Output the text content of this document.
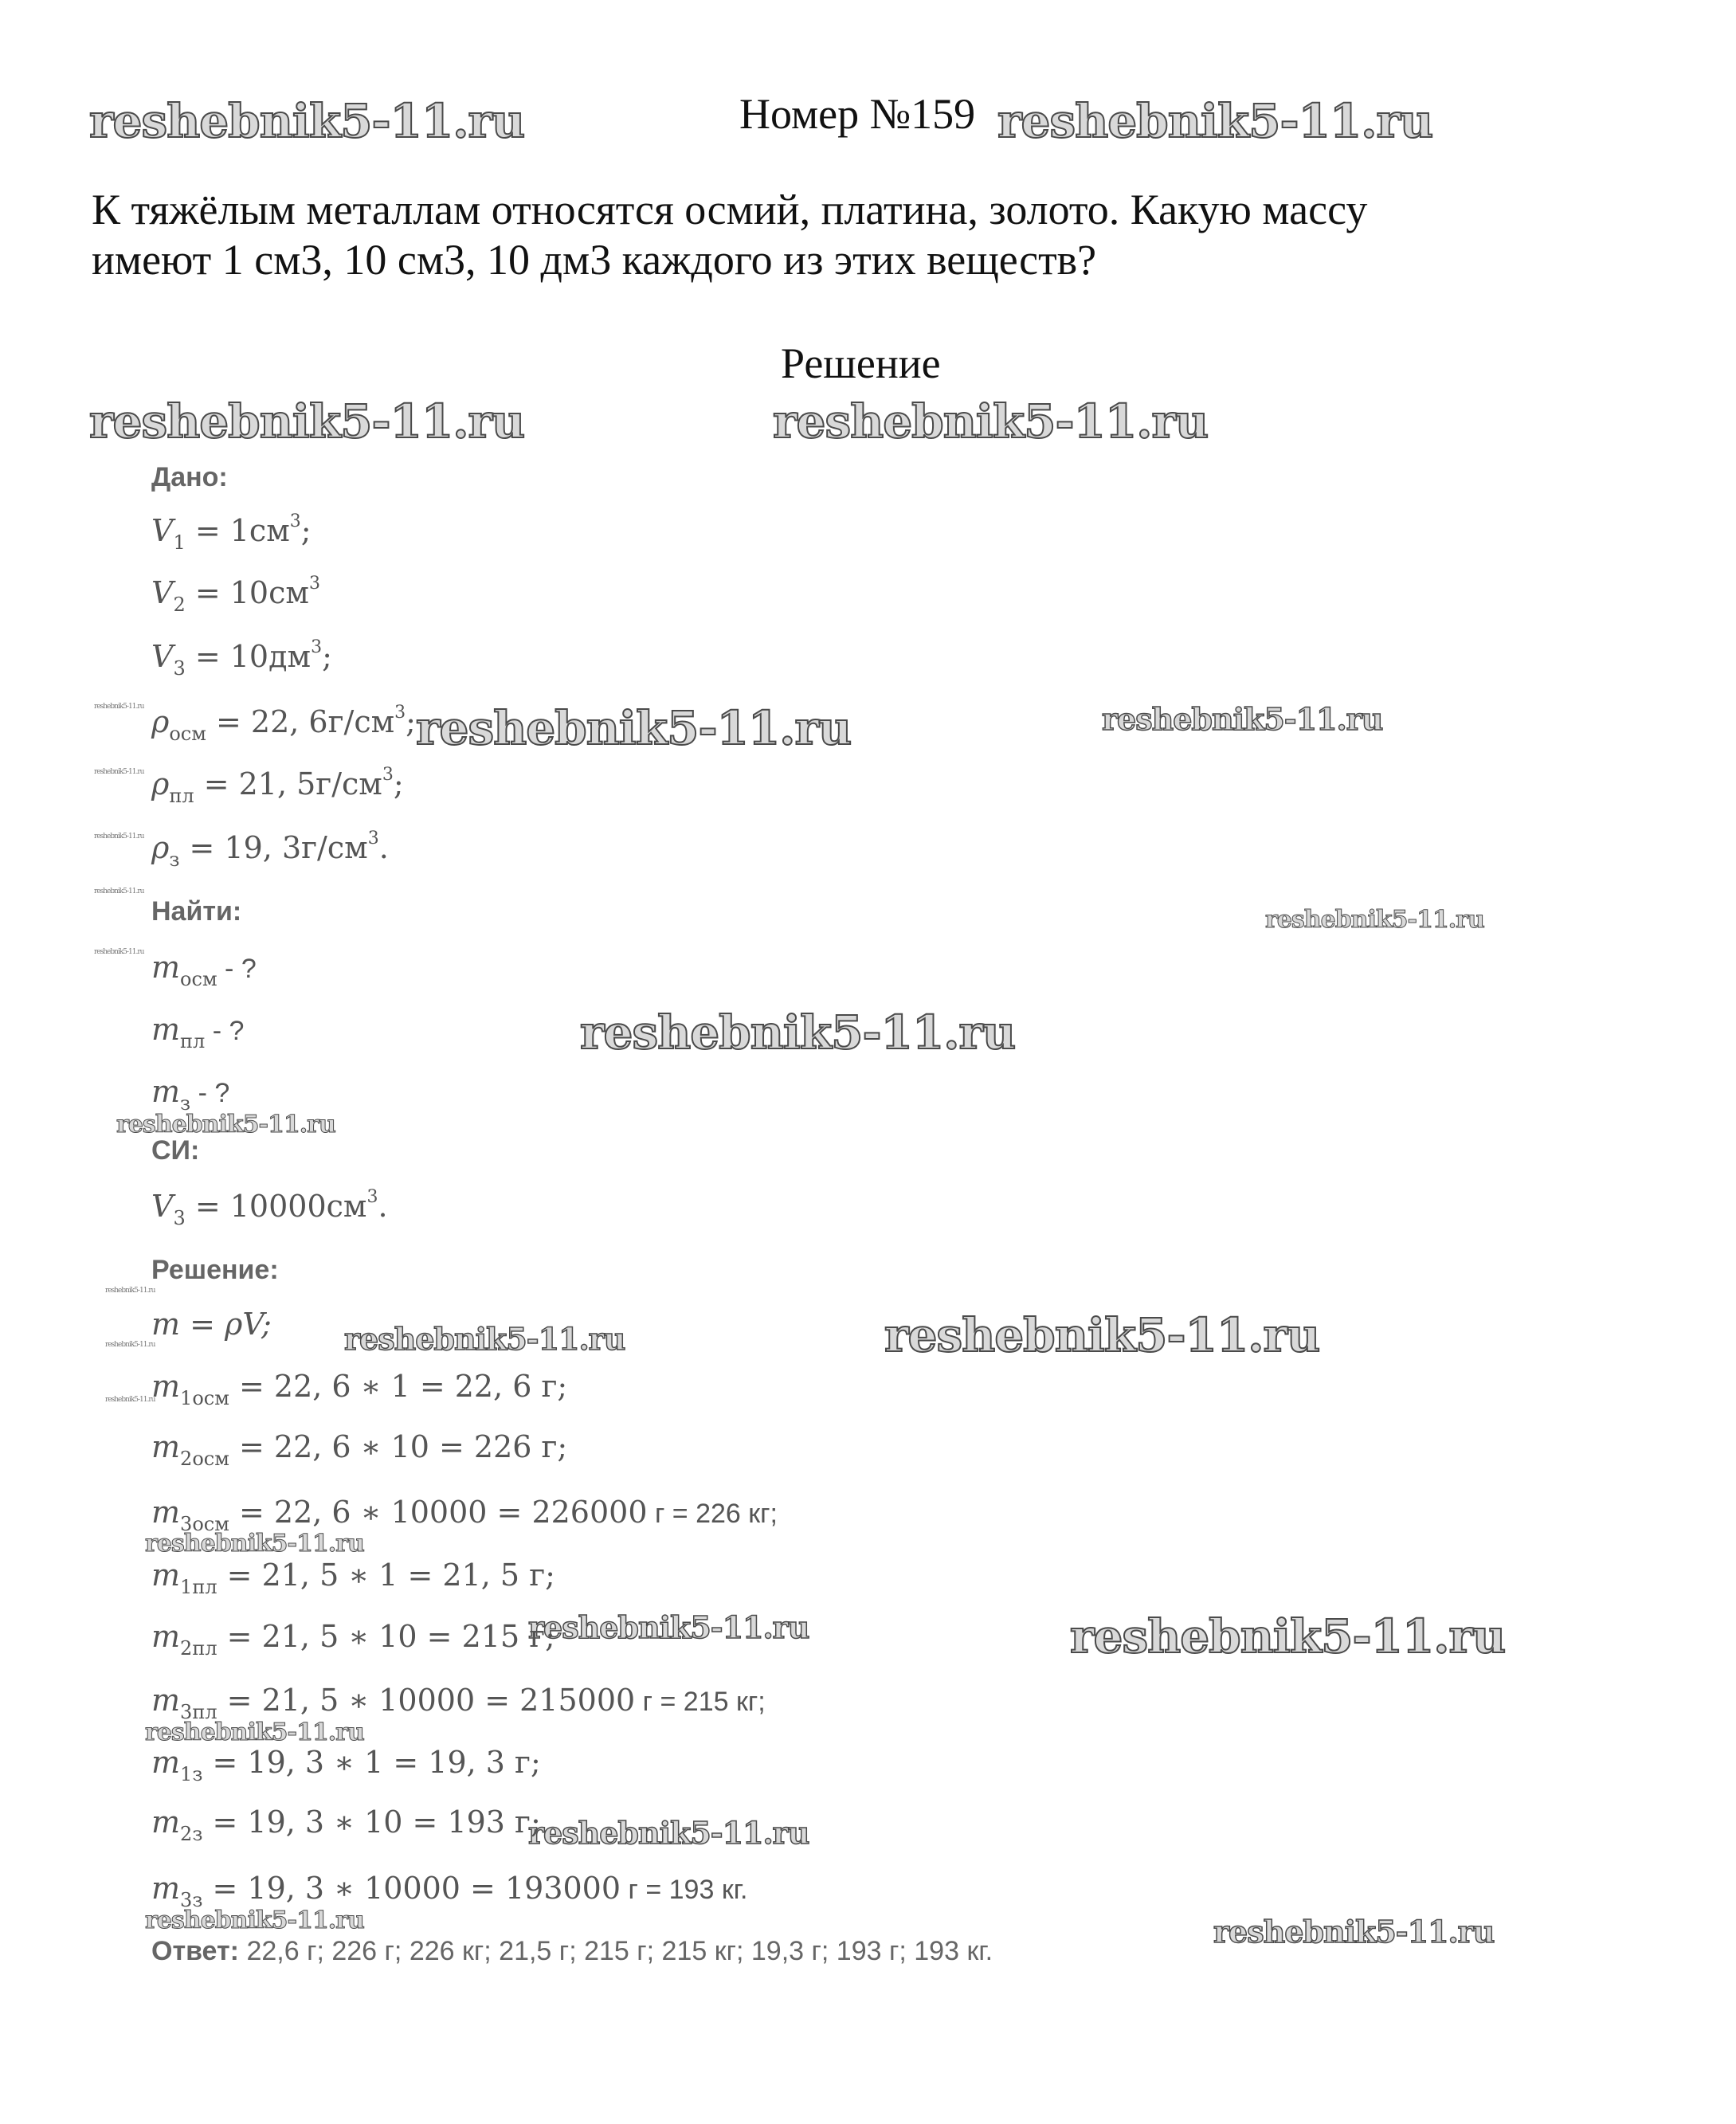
reshebnik5-11.ru	reshebnik5-11.ru
reshebnik5-11.ru	reshebnik5-11.ru
reshebnik5-11.ru	reshebnik5-11.ru
reshebnik5-11.ru
reshebnik5-11.ru
reshebnik5-11.ru
reshebnik5-11.ru	reshebnik5-11.ru
reshebnik5-11.ru
reshebnik5-11.ru	reshebnik5-11.ru
reshebnik5-11.ru
reshebnik5-11.ru
reshebnik5-11.ru	reshebnik5-11.ru
reshebnik5-11.ru
reshebnik5-11.ru
reshebnik5-11.ru
reshebnik5-11.ru
reshebnik5-11.ru
reshebnik5-11.ru
reshebnik5-11.ru
reshebnik5-11.ru
Номер №159
К тяжёлым металлам относятся осмий, платина, золото. Какую массу
имеют 1 см3, 10 см3, 10 дм3 каждого из этих веществ?
Решение
Дано:
$V_1 = 1см^3$;
$V_2 = 10см^3$
$V_3 = 10дм^3$;
$\rho_{осм} = 22$, $6г/см^3$;
$\rho_{пл} = 21$, $5г/см^3$;
$\rho_з = 19$, $3г/см^3$.
Найти:
$m_{осм}$ - ?
$m_{пл}$ - ?
$m_з$ - ?
СИ:
$V_3 = 10000см^3$.
Решение:
m = ρV;
$m_{1осм} = 22$, 6 ∗ 1 = 22, 6 г;
$m_{2осм} = 22$, 6 ∗ 10 = 226 г;
$m_{3осм} = 22$, 6 ∗ 10000 = 226000 г = 226 кг;
$m_{1пл} = 21$, 5 ∗ 1 = 21, 5 г;
$m_{2пл} = 21$, 5 ∗ 10 = 215 г;
$m_{3пл} = 21$, 5 ∗ 10000 = 215000 г = 215 кг;
$m_{1з} = 19$, 3 ∗ 1 = 19, 3 г;
$m_{2з} = 19$, 3 ∗ 10 = 193 г;
$m_{3з} = 19$, 3 ∗ 10000 = 193000 г = 193 кг.
Ответ: 22,6 г; 226 г; 226 кг; 21,5 г; 215 г; 215 кг; 19,3 г; 193 г; 193 кг.
